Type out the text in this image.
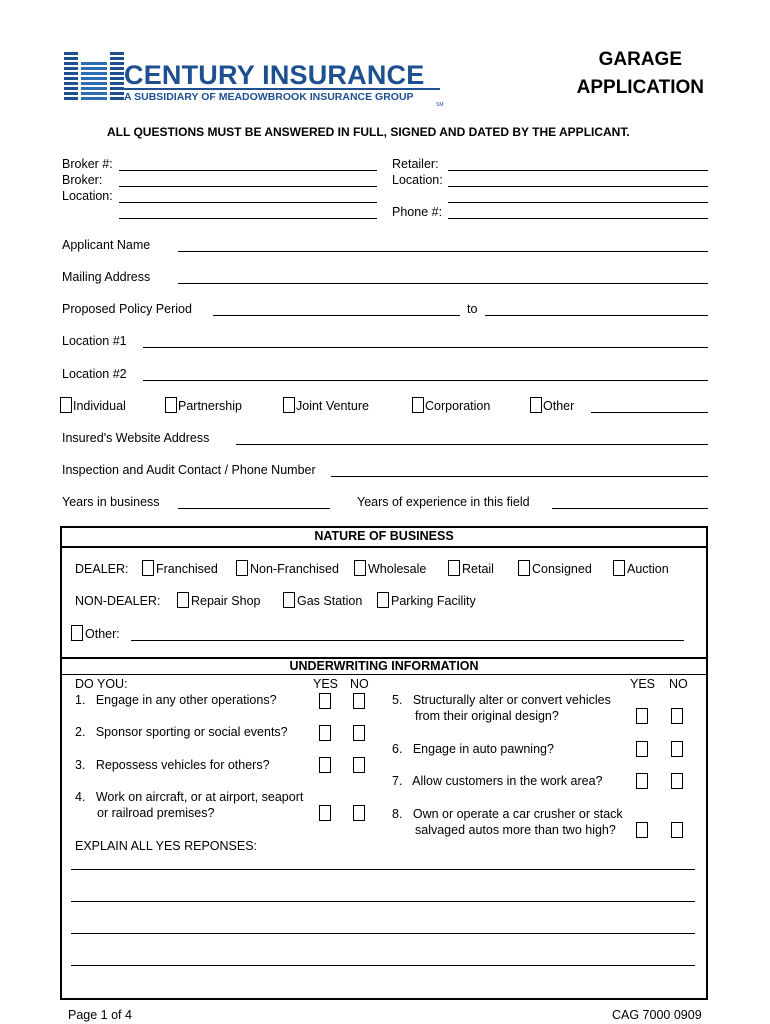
CENTURY INSURANCE
A SUBSIDIARY OF MEADOWBROOK INSURANCE GROUP
SM
GARAGE
APPLICATION
ALL QUESTIONS MUST BE ANSWERED IN FULL, SIGNED AND DATED BY THE APPLICANT.
Broker #:
Broker:
Location:
Retailer:
Location:
Phone #:
Applicant Name
Mailing Address
Proposed Policy Period	to
Location #1
Location #2
Individual	Partnership	Joint Venture	Corporation	Other
Insured's Website Address
Inspection and Audit Contact / Phone Number
Years in business	Years of experience in this field
NATURE OF BUSINESS
DEALER: Franchised	Non-Franchised Wholesale	Retail	Consigned	Auction
NON-DEALER: Repair Shop	Gas Station Parking Facility
Other:
UNDERWRITING INFORMATION
DO YOU:	YES NO	YES NO
1.   Engage in any other operations?
2.   Sponsor sporting or social events?
3.   Repossess vehicles for others?
4.   Work on aircraft, or at airport, seaport
or railroad premises?
5.   Structurally alter or convert vehicles
from their original design?
6.   Engage in auto pawning?
7.   Allow customers in the work area?
8.   Own or operate a car crusher or stack
salvaged autos more than two high?
EXPLAIN ALL YES REPONSES:
Page 1 of 4	CAG 7000 0909
